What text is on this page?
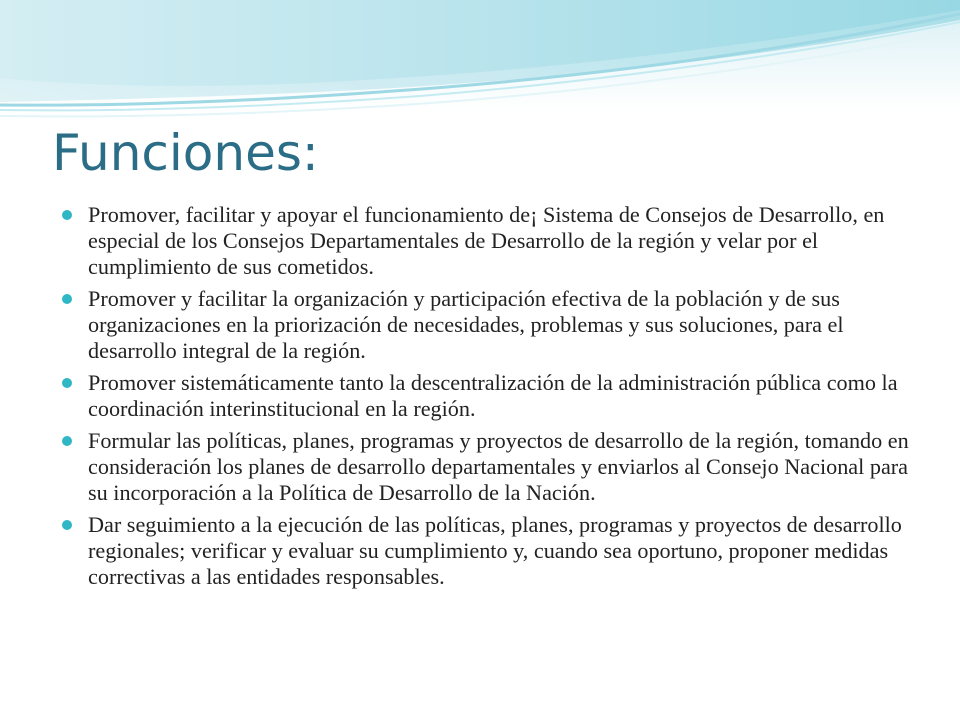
Funciones:
Promover, facilitar y apoyar el funcionamiento de¡ Sistema de Consejos de Desarrollo, en especial de los Consejos Departamentales de Desarrollo de la región y velar por el cumplimiento de sus cometidos.
Promover y facilitar la organización y participación efectiva de la población y de sus organizaciones en la priorización de necesidades, problemas y sus soluciones, para el desarrollo integral de la región.
Promover sistemáticamente tanto la descentralización de la administración pública como la coordinación interinstitucional en la región.
Formular las políticas, planes, programas y proyectos de desarrollo de la región, tomando en consideración los planes de desarrollo departamentales y enviarlos al Consejo Nacional para su incorporación a la Política de Desarrollo de la Nación.
Dar seguimiento a la ejecución de las políticas, planes, programas y proyectos de desarrollo regionales; verificar y evaluar su cumplimiento y, cuando sea oportuno, proponer medidas correctivas a las entidades responsables.
